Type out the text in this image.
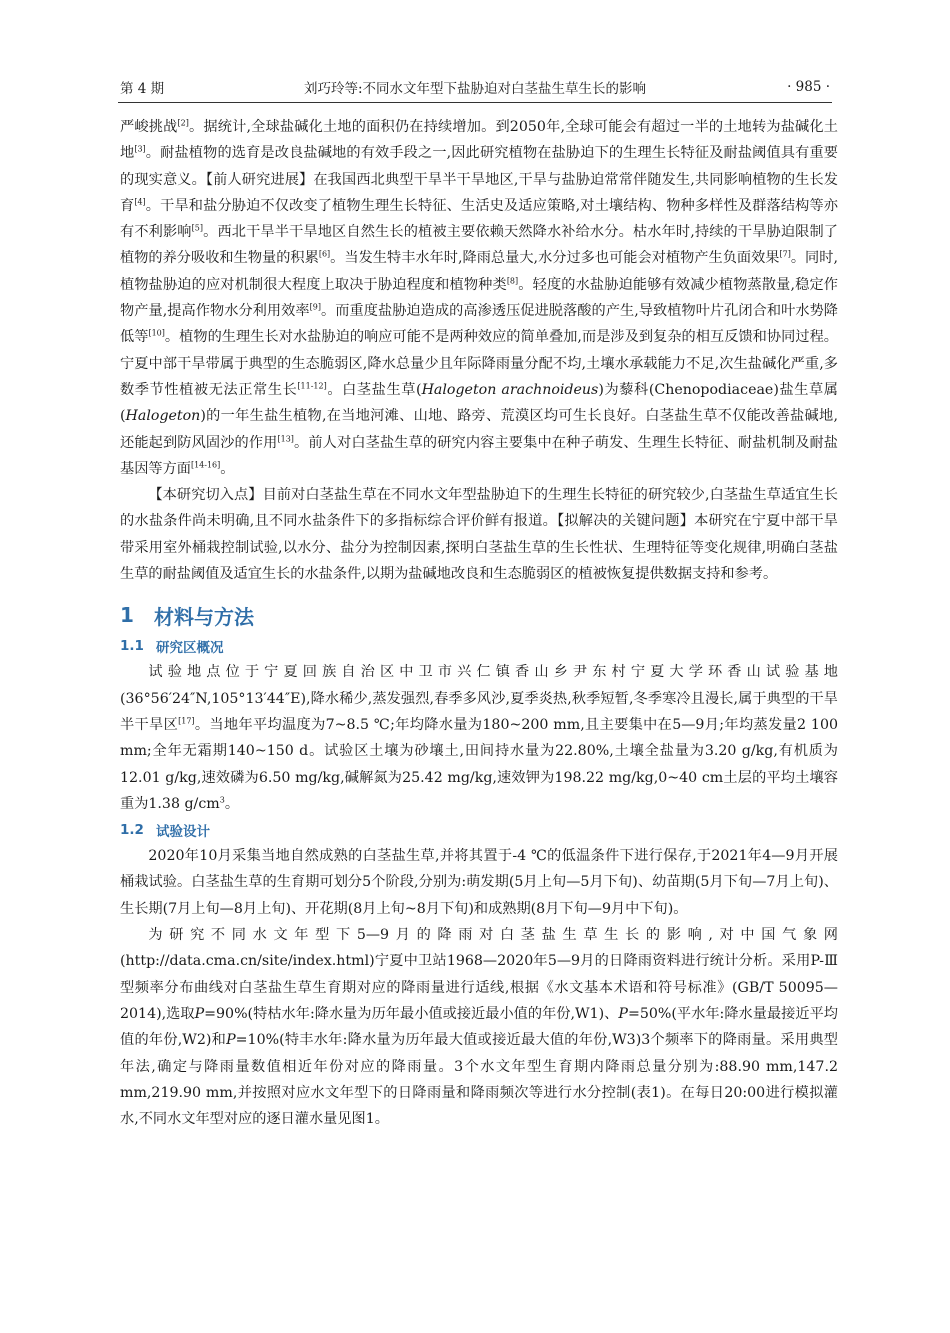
第 4 期	刘巧玲等:不同水文年型下盐胁迫对白茎盐生草生长的影响	· 985 ·

严峻挑战[2]。据统计,全球盐碱化土地的面积仍在持续增加。到2050年,全球可能会有超过一半的土地转为盐碱化土地[3]。耐盐植物的选育是改良盐碱地的有效手段之一,因此研究植物在盐胁迫下的生理生长特征及耐盐阈值具有重要的现实意义。【前人研究进展】在我国西北典型干旱半干旱地区,干旱与盐胁迫常常伴随发生,共同影响植物的生长发育[4]。干旱和盐分胁迫不仅改变了植物生理生长特征、生活史及适应策略,对土壤结构、物种多样性及群落结构等亦有不利影响[5]。西北干旱半干旱地区自然生长的植被主要依赖天然降水补给水分。枯水年时,持续的干旱胁迫限制了植物的养分吸收和生物量的积累[6]。当发生特丰水年时,降雨总量大,水分过多也可能会对植物产生负面效果[7]。同时,植物盐胁迫的应对机制很大程度上取决于胁迫程度和植物种类[8]。轻度的水盐胁迫能够有效减少植物蒸散量,稳定作物产量,提高作物水分利用效率[9]。而重度盐胁迫造成的高渗透压促进脱落酸的产生,导致植物叶片孔闭合和叶水势降低等[10]。植物的生理生长对水盐胁迫的响应可能不是两种效应的简单叠加,而是涉及到复杂的相互反馈和协同过程。宁夏中部干旱带属于典型的生态脆弱区,降水总量少且年际降雨量分配不均,土壤水承载能力不足,次生盐碱化严重,多数季节性植被无法正常生长[11-12]。白茎盐生草(Halogeton arachnoideus)为藜科(Chenopodiaceae)盐生草属(Halogeton)的一年生盐生植物,在当地河滩、山地、路旁、荒漠区均可生长良好。白茎盐生草不仅能改善盐碱地,还能起到防风固沙的作用[13]。前人对白茎盐生草的研究内容主要集中在种子萌发、生理生长特征、耐盐机制及耐盐基因等方面[14-16]。

【本研究切入点】目前对白茎盐生草在不同水文年型盐胁迫下的生理生长特征的研究较少,白茎盐生草适宜生长的水盐条件尚未明确,且不同水盐条件下的多指标综合评价鲜有报道。【拟解决的关键问题】本研究在宁夏中部干旱带采用室外桶栽控制试验,以水分、盐分为控制因素,探明白茎盐生草的生长性状、生理特征等变化规律,明确白茎盐生草的耐盐阈值及适宜生长的水盐条件,以期为盐碱地改良和生态脆弱区的植被恢复提供数据支持和参考。

1	材料与方法
1.1 研究区概况

试验地点位于宁夏回族自治区中卫市兴仁镇香山乡尹东村宁夏大学环香山试验基地(36°56′24″N,105°13′44″E),降水稀少,蒸发强烈,春季多风沙,夏季炎热,秋季短暂,冬季寒冷且漫长,属于典型的干旱半干旱区[17]。当地年平均温度为7~8.5 ℃;年均降水量为180~200 mm,且主要集中在5—9月;年均蒸发量2 100 mm;全年无霜期140~150 d。试验区土壤为砂壤土,田间持水量为22.80%,土壤全盐量为3.20 g/kg,有机质为12.01 g/kg,速效磷为6.50 mg/kg,碱解氮为25.42 mg/kg,速效钾为198.22 mg/kg,0~40 cm土层的平均土壤容重为1.38 $g/cm^3$。

1.2 试验设计

2020年10月采集当地自然成熟的白茎盐生草,并将其置于-4 ℃的低温条件下进行保存,于2021年4—9月开展桶栽试验。白茎盐生草的生育期可划分5个阶段,分别为:萌发期(5月上旬—5月下旬)、幼苗期(5月下旬—7月上旬)、生长期(7月上旬—8月上旬)、开花期(8月上旬~8月下旬)和成熟期(8月下旬—9月中下旬)。

为研究不同水文年型下5—9月的降雨对白茎盐生草生长的影响,对中国气象网(http://data.cma.cn/site/index.html)宁夏中卫站1968—2020年5—9月的日降雨资料进行统计分析。采用P-Ⅲ型频率分布曲线对白茎盐生草生育期对应的降雨量进行适线,根据《水文基本术语和符号标准》(GB/T 50095—2014),选取P=90%(特枯水年:降水量为历年最小值或接近最小值的年份,W1)、P=50%(平水年:降水量最接近平均值的年份,W2)和P=10%(特丰水年:降水量为历年最大值或接近最大值的年份,W3)3个频率下的降雨量。采用典型年法,确定与降雨量数值相近年份对应的降雨量。3个水文年型生育期内降雨总量分别为:88.90 mm,147.2 mm,219.90 mm,并按照对应水文年型下的日降雨量和降雨频次等进行水分控制(表1)。在每日20:00进行模拟灌水,不同水文年型对应的逐日灌水量见图1。
